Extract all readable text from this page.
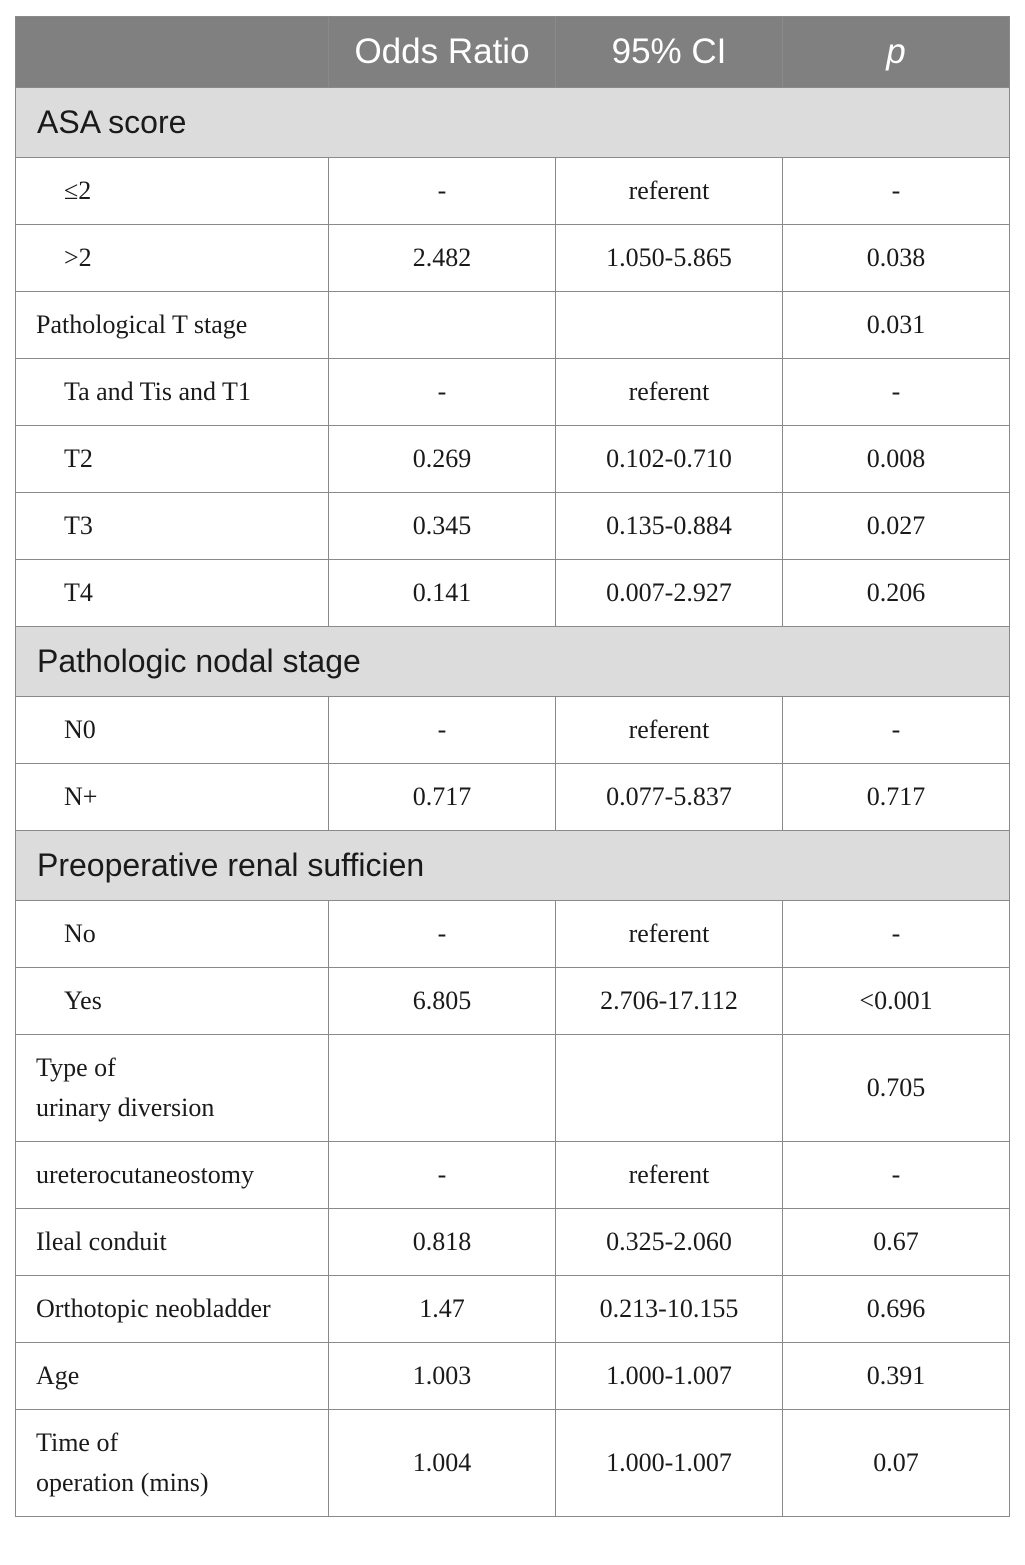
	Odds Ratio	95% CI	p
ASA score			
≤2	-	referent	-
>2	2.482	1.050-5.865	0.038
Pathological T stage			0.031
Ta and Tis and T1	-	referent	-
T2	0.269	0.102-0.710	0.008
T3	0.345	0.135-0.884	0.027
T4	0.141	0.007-2.927	0.206
Pathologic nodal stage			
N0	-	referent	-
N+	0.717	0.077-5.837	0.717
Preoperative renal sufficien			
No	-	referent	-
Yes	6.805	2.706-17.112	<0.001

Type of
urinary diversion			0.705
ureterocutaneostomy	-	referent	-
Ileal conduit	0.818	0.325-2.060	0.67
Orthotopic neobladder	1.47	0.213-10.155	0.696
Age	1.003	1.000-1.007	0.391

Time of
operation (mins)	1.004	1.000-1.007	0.07
